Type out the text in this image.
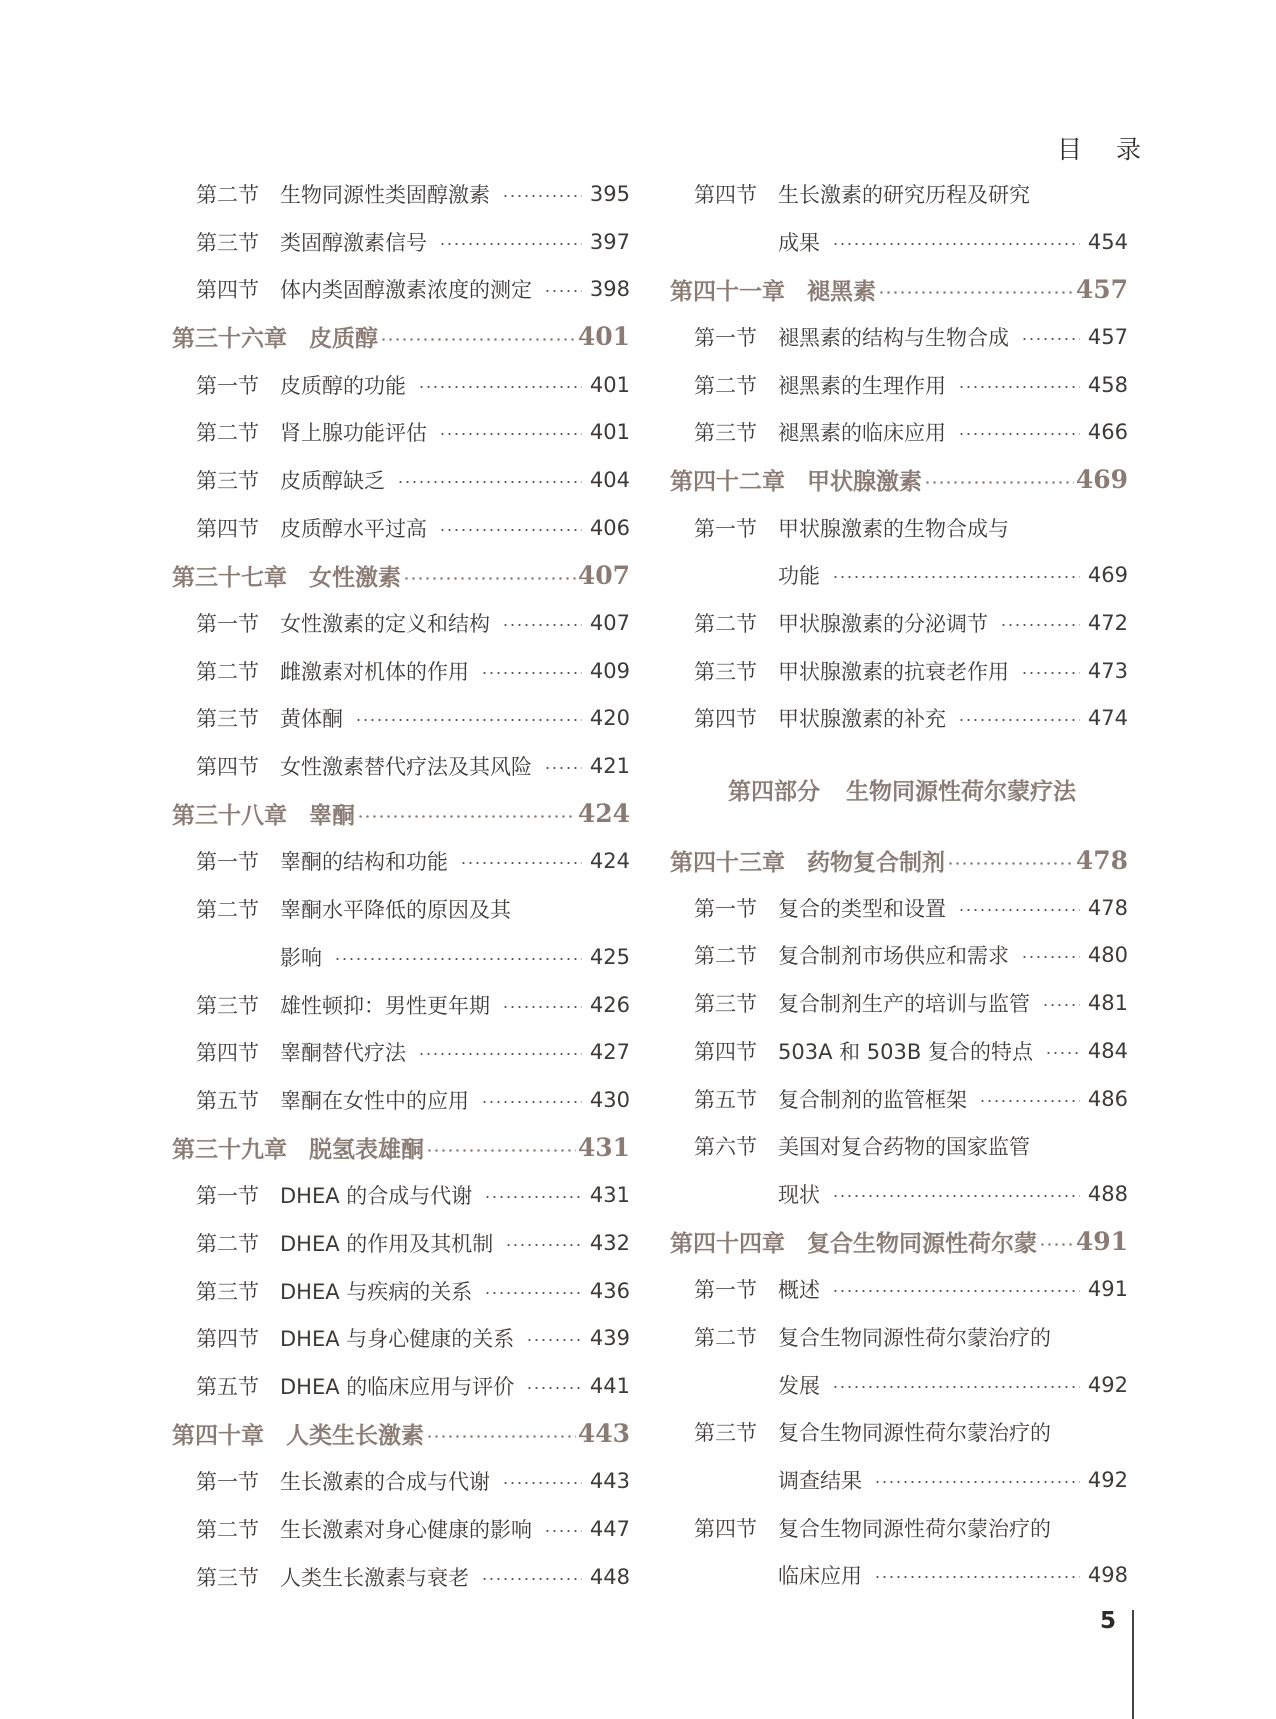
目录
第二节	生物同源性类固醇激素	395
第三节	类固醇激素信号	397
第四节	体内类固醇激素浓度的测定	398
第三十六章 皮质醇	401
第一节	皮质醇的功能	401
第二节	肾上腺功能评估	401
第三节	皮质醇缺乏	404
第四节	皮质醇水平过高	406
第三十七章 女性激素	407
第一节	女性激素的定义和结构	407
第二节	雌激素对机体的作用	409
第三节	黄体酮	420
第四节	女性激素替代疗法及其风险	421
第三十八章 睾酮	424
第一节	睾酮的结构和功能	424
第二节	睾酮水平降低的原因及其
影响	425
第三节	雄性顿抑：男性更年期	426
第四节	睾酮替代疗法	427
第五节	睾酮在女性中的应用	430
第三十九章 脱氢表雄酮	431
第一节	DHEA 的合成与代谢	431
第二节	DHEA 的作用及其机制	432
第三节	DHEA 与疾病的关系	436
第四节	DHEA 与身心健康的关系	439
第五节	DHEA 的临床应用与评价	441
第四十章 人类生长激素	443
第一节	生长激素的合成与代谢	443
第二节	生长激素对身心健康的影响	447
第三节	人类生长激素与衰老	448
第四节	生长激素的研究历程及研究
成果	454
第四十一章 褪黑素	457
第一节	褪黑素的结构与生物合成	457
第二节	褪黑素的生理作用	458
第三节	褪黑素的临床应用	466
第四十二章 甲状腺激素	469
第一节	甲状腺激素的生物合成与
功能	469
第二节	甲状腺激素的分泌调节	472
第三节	甲状腺激素的抗衰老作用	473
第四节	甲状腺激素的补充	474
第四部分 生物同源性荷尔蒙疗法
第四十三章 药物复合制剂	478
第一节	复合的类型和设置	478
第二节	复合制剂市场供应和需求	480
第三节	复合制剂生产的培训与监管	481
第四节	503A 和 503B 复合的特点	484
第五节	复合制剂的监管框架	486
第六节	美国对复合药物的国家监管
现状	488
第四十四章 复合生物同源性荷尔蒙 491
第一节	概述	491
第二节	复合生物同源性荷尔蒙治疗的
发展	492
第三节	复合生物同源性荷尔蒙治疗的
调查结果	492
第四节	复合生物同源性荷尔蒙治疗的
临床应用	498
5
